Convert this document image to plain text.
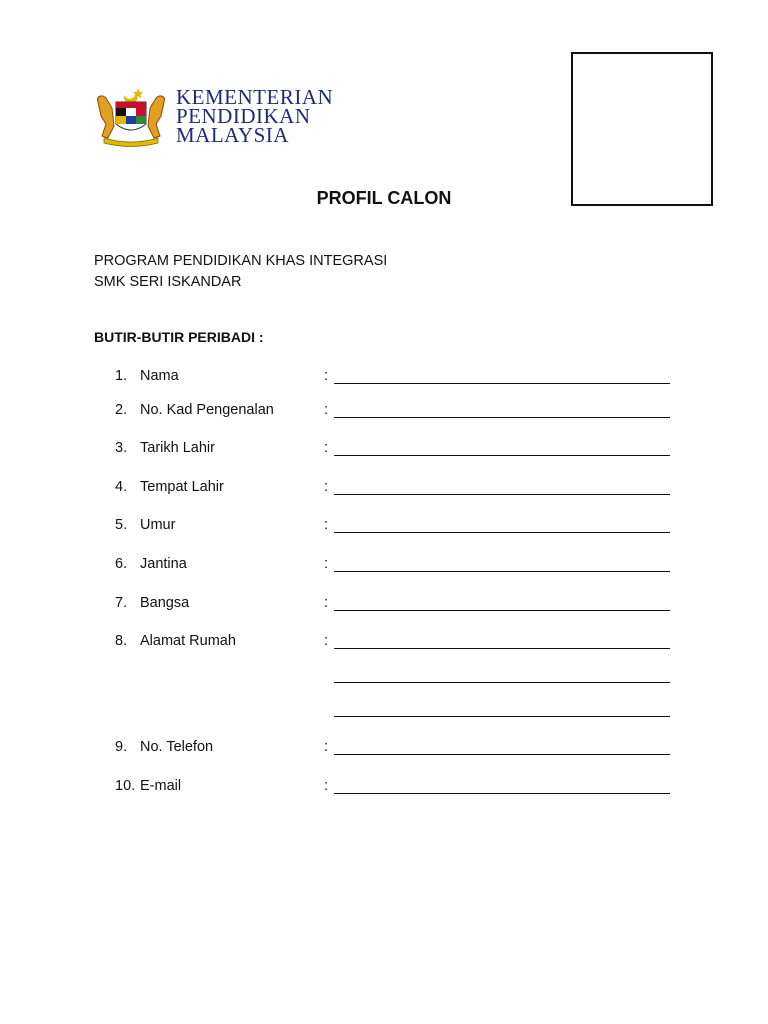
KEMENTERIAN
PENDIDIKAN
MALAYSIA
PROFIL CALON
PROGRAM PENDIDIKAN KHAS INTEGRASI
SMK SERI ISKANDAR
BUTIR-BUTIR PERIBADI :
1. Nama	:
2. No. Kad Pengenalan	:
3. Tarikh Lahir	:
4. Tempat Lahir	:
5. Umur	:
6. Jantina	:
7. Bangsa	:
8. Alamat Rumah	:
9. No. Telefon	:
10. E-mail	:
